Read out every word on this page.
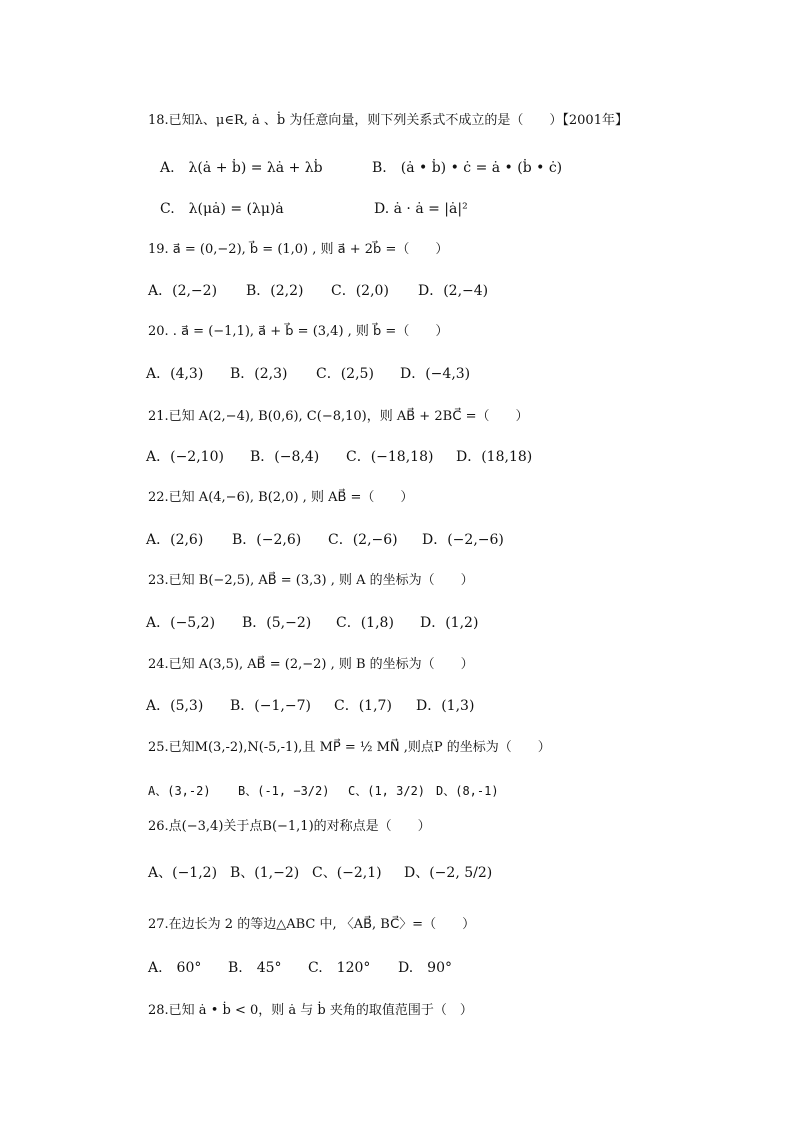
18.已知λ、μ∈R, ȧ 、ḃ 为任意向量，则下列关系式不成立的是（　　）【2001年】
A.　λ(ȧ + ḃ) = λȧ + λḃ	B.　(ȧ • ḃ) • ċ = ȧ • (ḃ • ċ)
C.　λ(μȧ) = (λμ)ȧ	D. ȧ · ȧ = |ȧ|²
19. a⃗ = (0,−2), b⃗ = (1,0) , 则 a⃗ + 2b⃗ =（　　）
A．(2,−2) B．(2,2) C．(2,0) D．(2,−4)
20. . a⃗ = (−1,1), a⃗ + b⃗ = (3,4) , 则 b⃗ =（　　）
A．(4,3) B．(2,3) C．(2,5) D．(−4,3)
21.已知 A(2,−4), B(0,6), C(−8,10)，则 AB⃗ + 2BC⃗ =（　　）
A．(−2,10) B．(−8,4) C．(−18,18) D．(18,18)
22.已知 A(4,−6), B(2,0) , 则 AB⃗ =（　　）
A．(2,6) B．(−2,6) C．(2,−6) D．(−2,−6)
23.已知 B(−2,5), AB⃗ = (3,3) , 则 A 的坐标为（　　）
A．(−5,2) B．(5,−2) C．(1,8) D．(1,2)
24.已知 A(3,5), AB⃗ = (2,−2) , 则 B 的坐标为（　　）
A．(5,3) B．(−1,−7) C．(1,7) D．(1,3)
25.已知M(3,-2),N(-5,-1),且 MP⃗ = ½ MN⃗ ,则点P 的坐标为（　　）
A、(3,-2) B、(-1, −3/2) C、(1, 3/2) D、(8,-1)
26.点(−3,4)关于点B(−1,1)的对称点是（　　）
A、(−1,2) B、(1,−2) C、(−2,1) D、(−2, 5/2)
27.在边长为 2 的等边△ABC 中, 〈AB⃗, BC⃗〉=（　　）
A.　60° B.　45° C.　120° D.　90°
28.已知 ȧ • ḃ < 0，则 ȧ 与 ḃ 夹角的取值范围于（　）
